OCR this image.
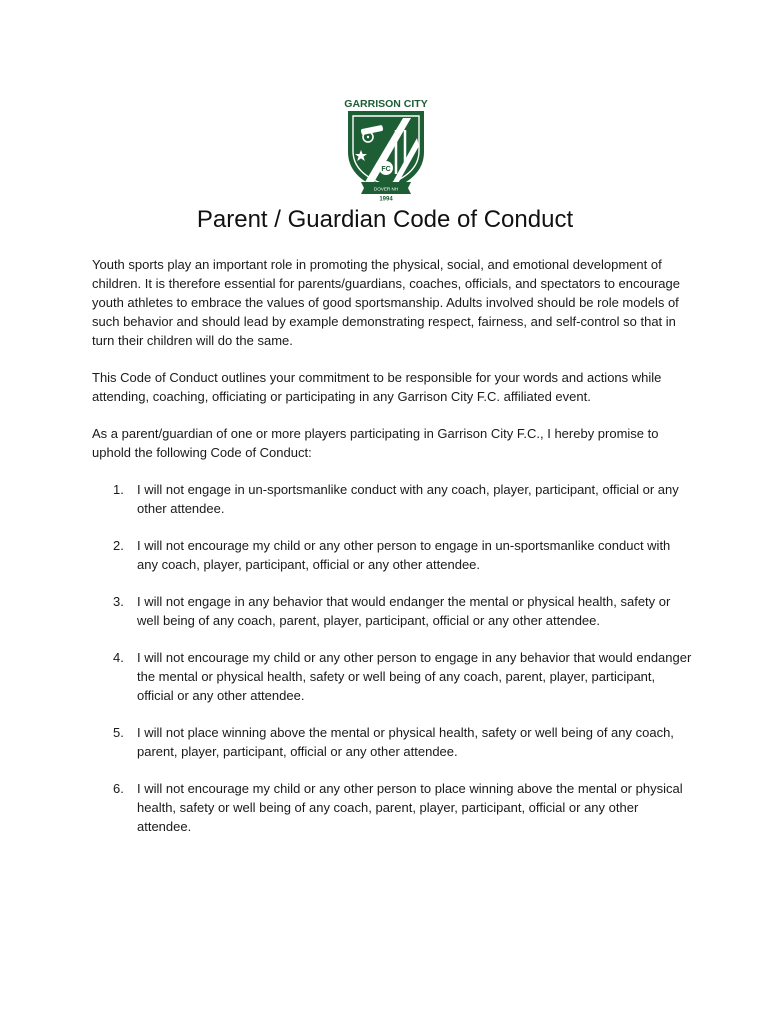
GARRISON CITY
FC
DOVER NH
1994
Parent / Guardian Code of Conduct

Youth sports play an important role in promoting the physical, social, and emotional development of children. It is therefore essential for parents/guardians, coaches, officials, and spectators to encourage youth athletes to embrace the values of good sportsmanship. Adults involved should be role models of such behavior and should lead by example demonstrating respect, fairness, and self-control so that in turn their children will do the same.

This Code of Conduct outlines your commitment to be responsible for your words and actions while attending, coaching, officiating or participating in any Garrison City F.C. affiliated event.

As a parent/guardian of one or more players participating in Garrison City F.C., I hereby promise to uphold the following Code of Conduct:

1. I will not engage in un-sportsmanlike conduct with any coach, player, participant, official or any other attendee.
2. I will not encourage my child or any other person to engage in un-sportsmanlike conduct with any coach, player, participant, official or any other attendee.
3. I will not engage in any behavior that would endanger the mental or physical health, safety or well being of any coach, parent, player, participant, official or any other attendee.
4. I will not encourage my child or any other person to engage in any behavior that would endanger the mental or physical health, safety or well being of any coach, parent, player, participant, official or any other attendee.
5. I will not place winning above the mental or physical health, safety or well being of any coach, parent, player, participant, official or any other attendee.
6. I will not encourage my child or any other person to place winning above the mental or physical health, safety or well being of any coach, parent, player, participant, official or any other attendee.
